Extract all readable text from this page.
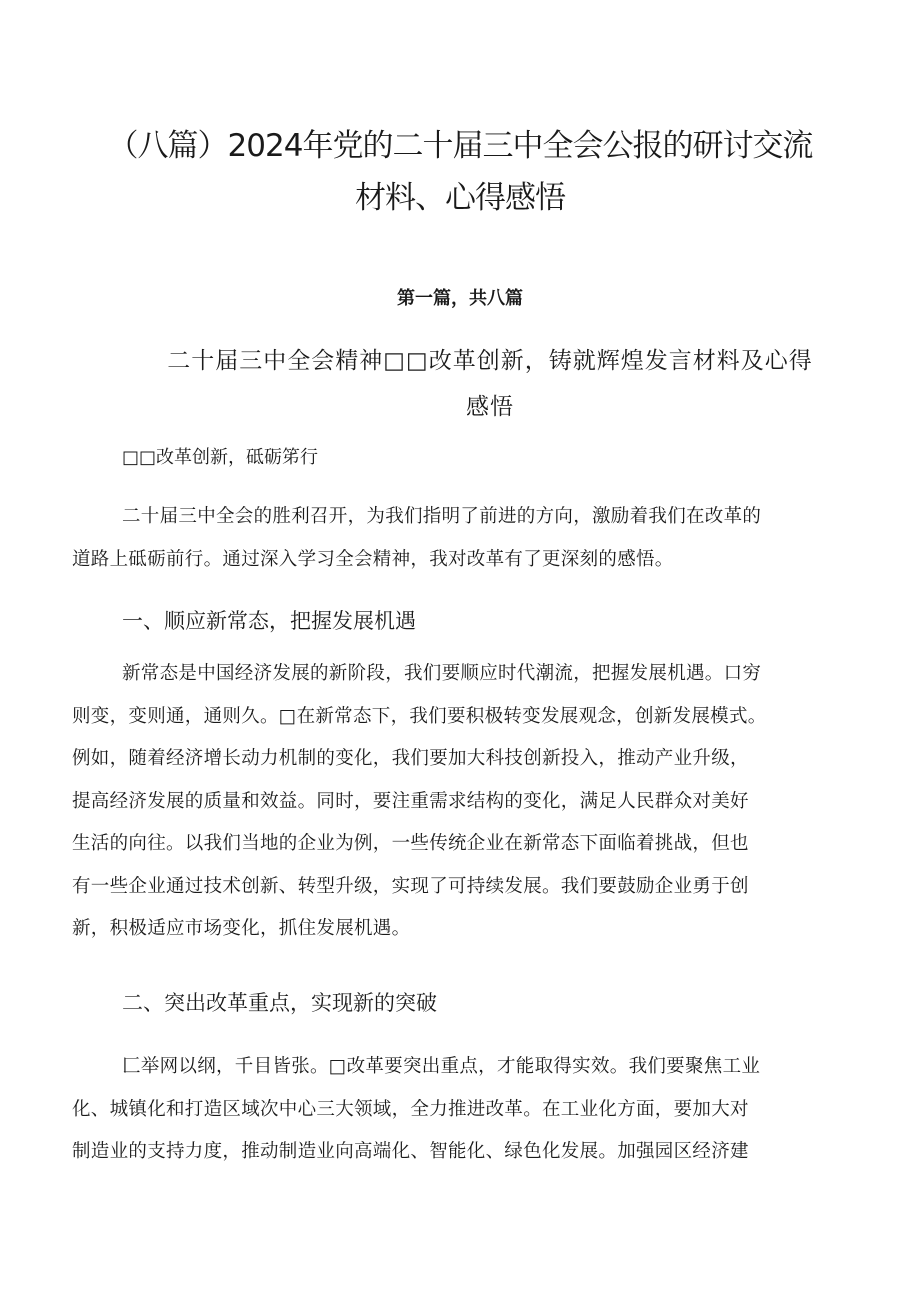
（八篇）2024年党的二十届三中全会公报的研讨交流
材料、心得感悟

第一篇，共八篇

二十届三中全会精神□□改革创新，铸就辉煌发言材料及心得
感悟

□□改革创新，砥砺笫行

二十届三中全会的胜利召开，为我们指明了前进的方向，激励着我们在改革的
道路上砥砺前行。通过深入学习全会精神，我对改革有了更深刻的感悟。

一、顺应新常态，把握发展机遇

新常态是中国经济发展的新阶段，我们要顺应时代潮流，把握发展机遇。口穷
则变，变则通，通则久。□在新常态下，我们要积极转变发展观念，创新发展模式。
例如，随着经济增长动力机制的变化，我们要加大科技创新投入，推动产业升级，
提高经济发展的质量和效益。同时，要注重需求结构的变化，满足人民群众对美好
生活的向往。以我们当地的企业为例，一些传统企业在新常态下面临着挑战，但也
有一些企业通过技术创新、转型升级，实现了可持续发展。我们要鼓励企业勇于创
新，积极适应市场变化，抓住发展机遇。

二、突出改革重点，实现新的突破

匚举网以纲，千目皆张。□改革要突出重点，才能取得实效。我们要聚焦工业
化、城镇化和打造区域次中心三大领域，全力推进改革。在工业化方面，要加大对
制造业的支持力度，推动制造业向高端化、智能化、绿色化发展。加强园区经济建
